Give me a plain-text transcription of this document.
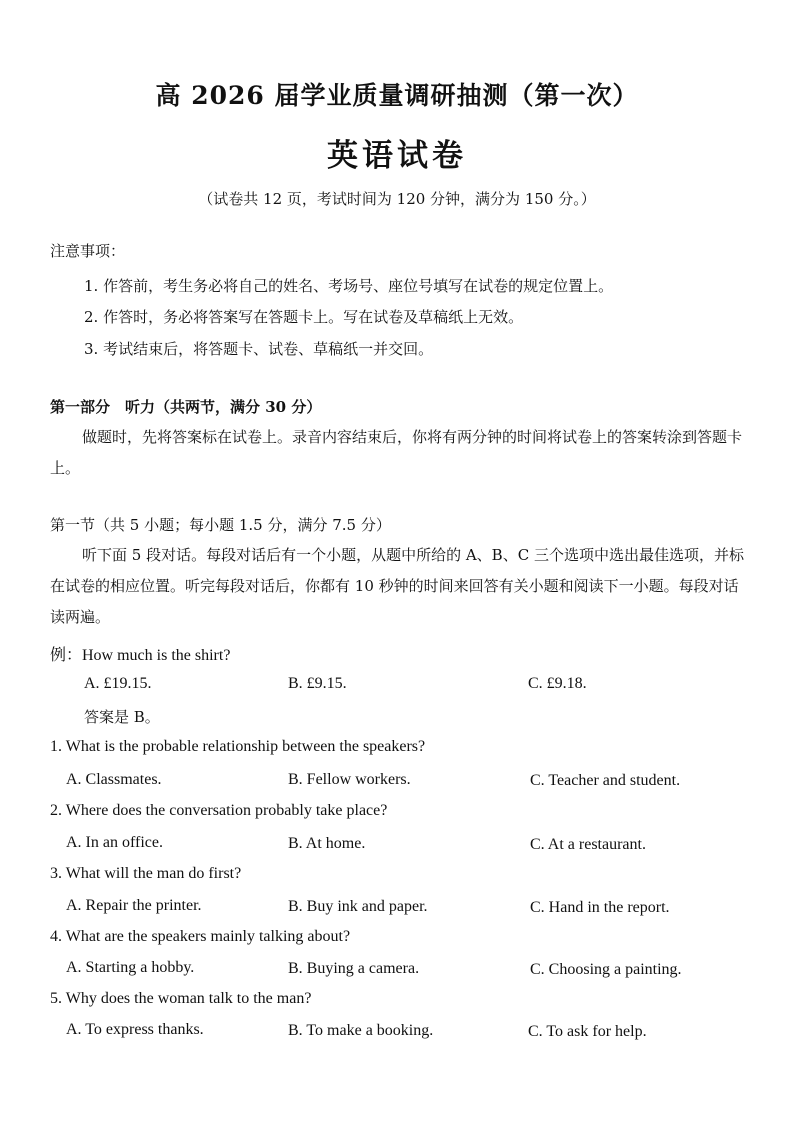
高 2026 届学业质量调研抽测（第一次）
英语试卷
（试卷共 12 页，考试时间为 120 分钟，满分为 150 分。）
注意事项：
1. 作答前，考生务必将自己的姓名、考场号、座位号填写在试卷的规定位置上。
2. 作答时，务必将答案写在答题卡上。写在试卷及草稿纸上无效。
3. 考试结束后，将答题卡、试卷、草稿纸一并交回。
第一部分　听力（共两节，满分 30 分）
做题时，先将答案标在试卷上。录音内容结束后，你将有两分钟的时间将试卷上的答案转涂到答题卡上。
第一节（共 5 小题；每小题 1.5 分，满分 7.5 分）
听下面 5 段对话。每段对话后有一个小题，从题中所给的 A、B、C 三个选项中选出最佳选项，并标在试卷的相应位置。听完每段对话后，你都有 10 秒钟的时间来回答有关小题和阅读下一小题。每段对话读两遍。
例：How much is the shirt?
A. £19.15.	B. £9.15.	C. £9.18.
答案是 B。
1. What is the probable relationship between the speakers?
A. Classmates.	B. Fellow workers.	C. Teacher and student.
2. Where does the conversation probably take place?
A. In an office.	B. At home.	C. At a restaurant.
3. What will the man do first?
A. Repair the printer.	B. Buy ink and paper.	C. Hand in the report.
4. What are the speakers mainly talking about?
A. Starting a hobby.	B. Buying a camera.	C. Choosing a painting.
5. Why does the woman talk to the man?
A. To express thanks.	B. To make a booking.	C. To ask for help.
